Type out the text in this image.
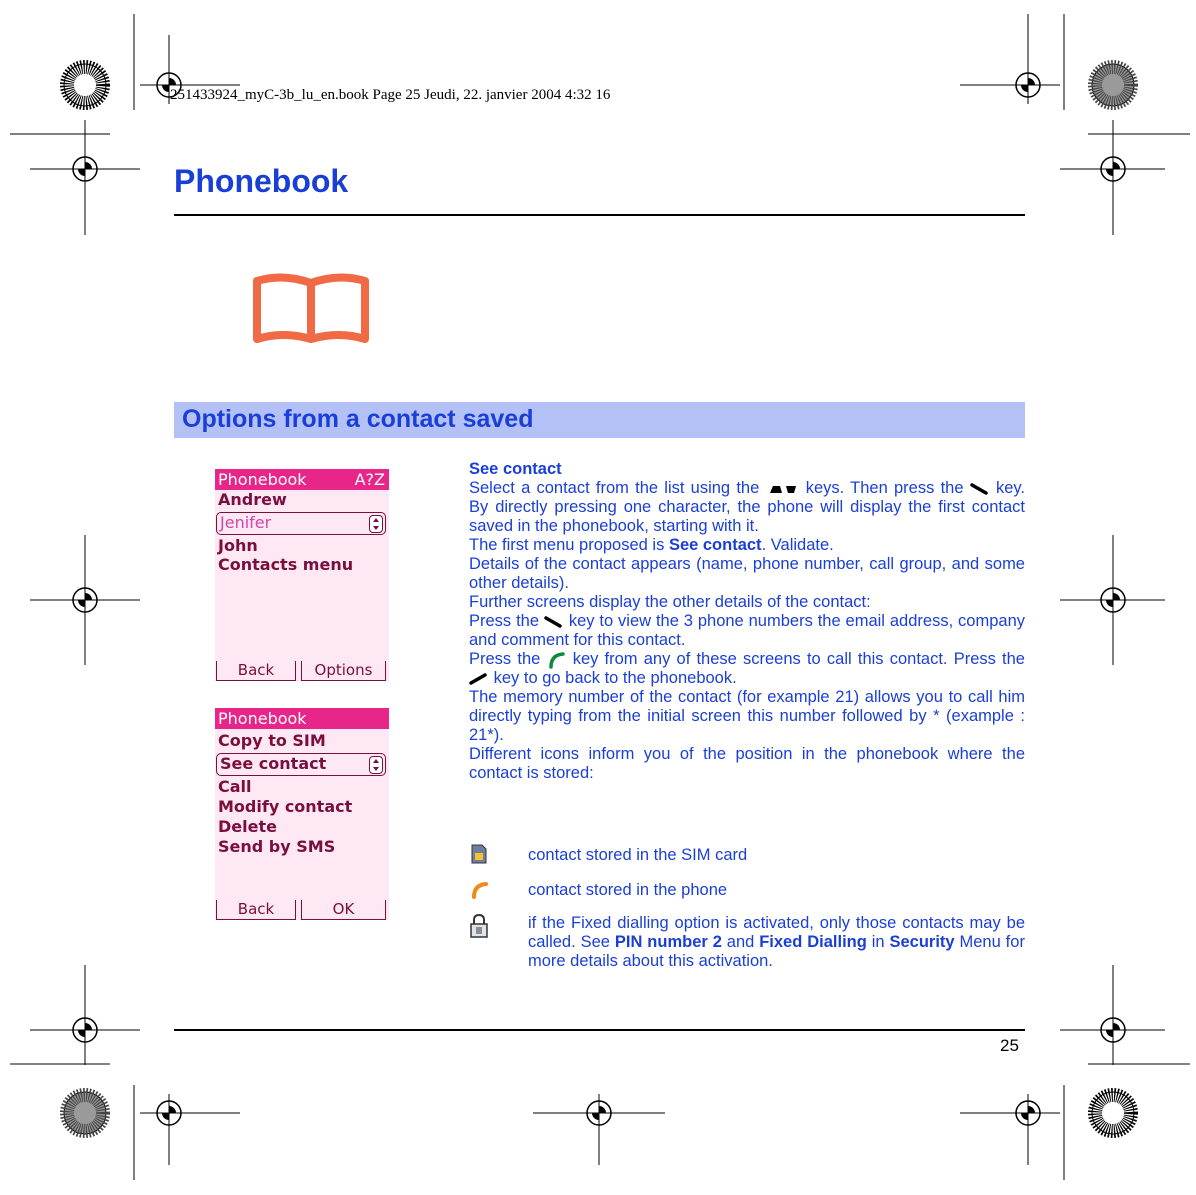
251433924_myC-3b_lu_en.book Page 25 Jeudi, 22. janvier 2004 4:32 16
Phonebook
Options from a contact saved
Phonebook	A?Z
Andrew
Jenifer
John
Contacts menu
Back	Options
Phonebook
Copy to SIM
See contact
Call
Modify contact
Delete
Send by SMS
Back	OK

See contact

Select a contact from the list using the	keys. Then press the key. By directly pressing one character, the phone will display the first contact saved in the phonebook, starting with it.

The first menu proposed is See contact. Validate.

Details of the contact appears (name, phone number, call group, and some other details).

Further screens display the other details of the contact:

Press the key to view the 3 phone numbers the email address, company and comment for this contact.

Press the key from any of these screens to call this contact. Press the  key to go back to the phonebook.

The memory number of the contact (for example 21) allows you to call him directly typing from the initial screen this number followed by * (example : 21*).

Different icons inform you of the position in the phonebook where the contact is stored:

contact stored in the SIM card
contact stored in the phone
if the Fixed dialling option is activated, only those contacts may be called. See PIN number 2 and Fixed Dialling in Security Menu for more details about this activation.
25
